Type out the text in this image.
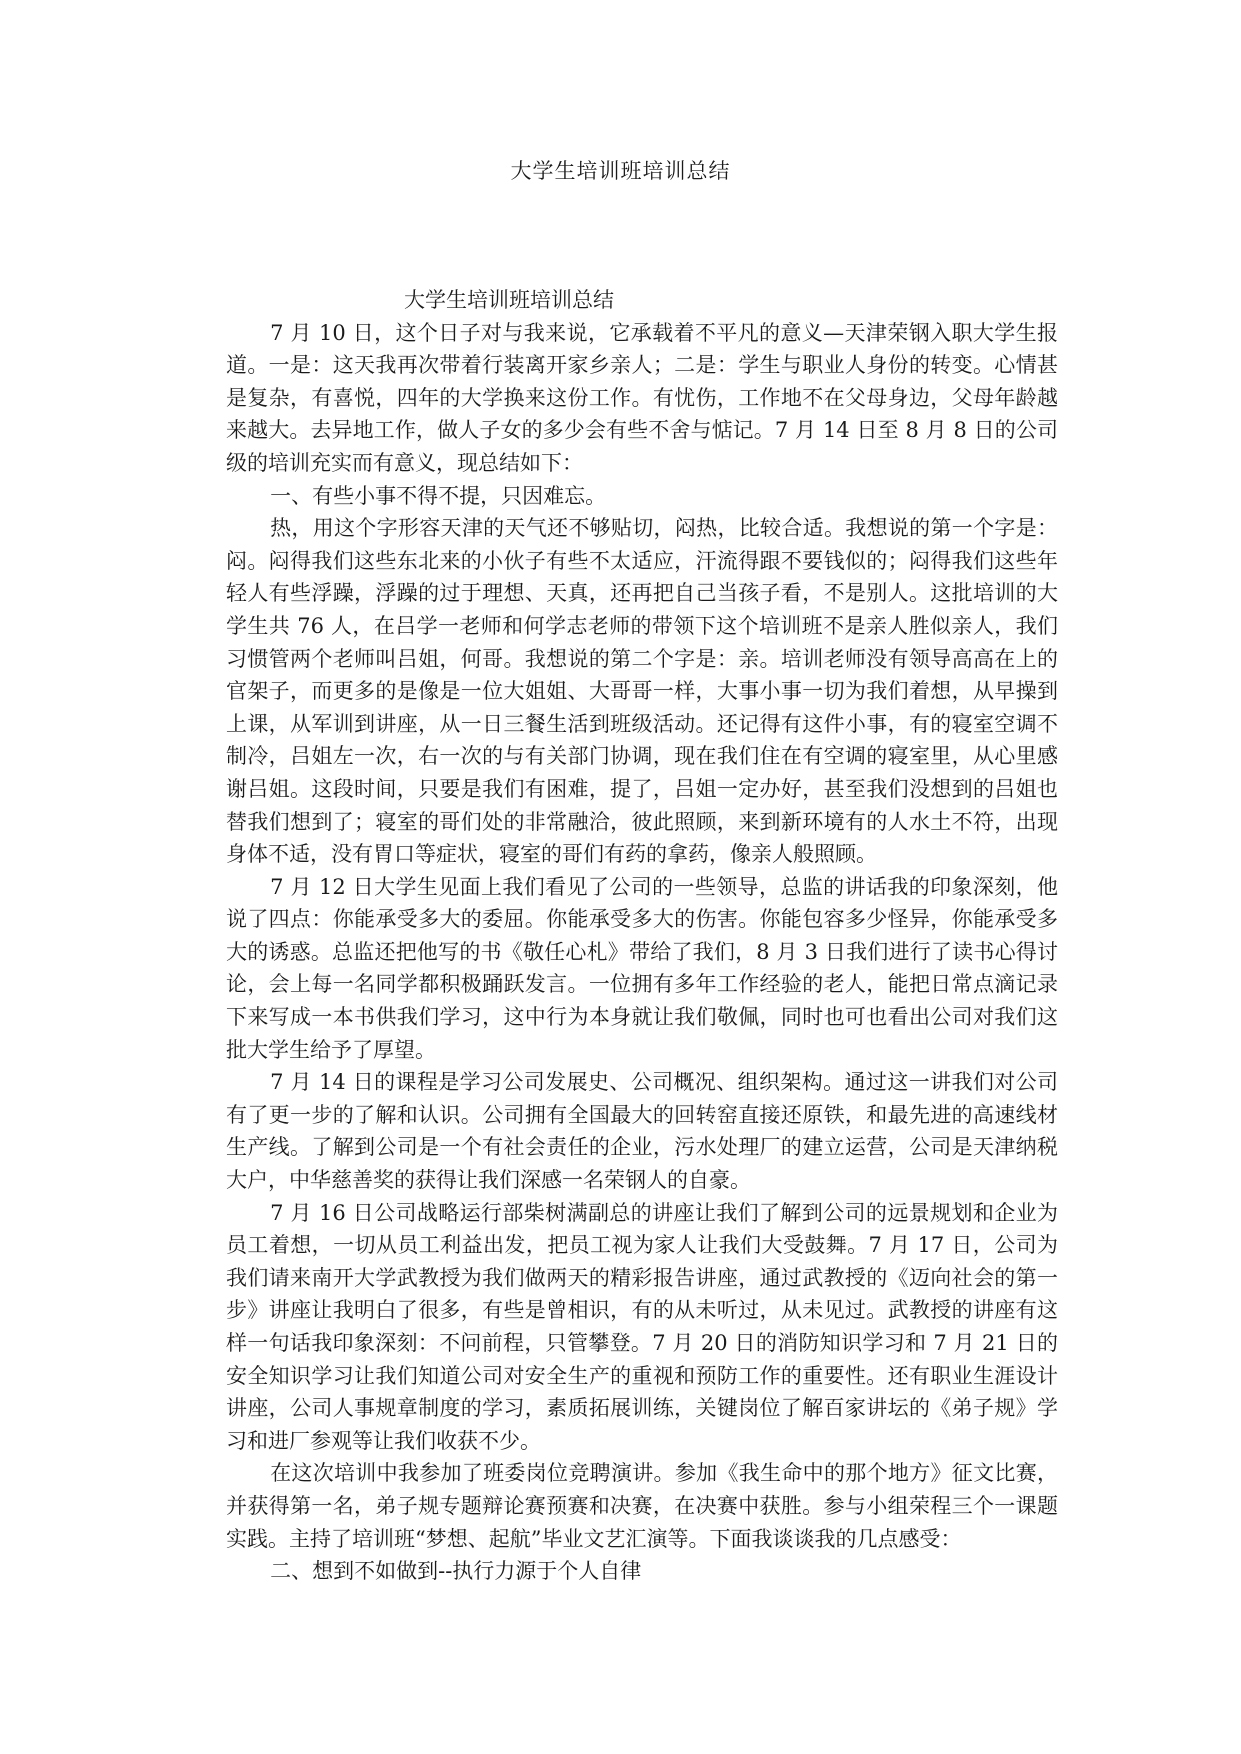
大学生培训班培训总结
大学生培训班培训总结

7 月 10 日，这个日子对与我来说，它承载着不平凡的意义—天津荣钢入职大学生报道。一是：这天我再次带着行装离开家乡亲人；二是：学生与职业人身份的转变。心情甚是复杂，有喜悦，四年的大学换来这份工作。有忧伤，工作地不在父母身边，父母年龄越来越大。去异地工作，做人子女的多少会有些不舍与惦记。7 月 14 日至 8 月 8 日的公司级的培训充实而有意义，现总结如下：

一、有些小事不得不提，只因难忘。

热，用这个字形容天津的天气还不够贴切，闷热，比较合适。我想说的第一个字是：闷。闷得我们这些东北来的小伙子有些不太适应，汗流得跟不要钱似的；闷得我们这些年轻人有些浮躁，浮躁的过于理想、天真，还再把自己当孩子看，不是别人。这批培训的大学生共 76 人，在吕学一老师和何学志老师的带领下这个培训班不是亲人胜似亲人，我们习惯管两个老师叫吕姐，何哥。我想说的第二个字是：亲。培训老师没有领导高高在上的官架子，而更多的是像是一位大姐姐、大哥哥一样，大事小事一切为我们着想，从早操到上课，从军训到讲座，从一日三餐生活到班级活动。还记得有这件小事，有的寝室空调不制冷，吕姐左一次，右一次的与有关部门协调，现在我们住在有空调的寝室里，从心里感谢吕姐。这段时间，只要是我们有困难，提了，吕姐一定办好，甚至我们没想到的吕姐也替我们想到了；寝室的哥们处的非常融洽，彼此照顾，来到新环境有的人水土不符，出现身体不适，没有胃口等症状，寝室的哥们有药的拿药，像亲人般照顾。

7 月 12 日大学生见面上我们看见了公司的一些领导，总监的讲话我的印象深刻，他说了四点：你能承受多大的委屈。你能承受多大的伤害。你能包容多少怪异，你能承受多大的诱惑。总监还把他写的书《敬任心札》带给了我们，8 月 3 日我们进行了读书心得讨论，会上每一名同学都积极踊跃发言。一位拥有多年工作经验的老人，能把日常点滴记录下来写成一本书供我们学习，这中行为本身就让我们敬佩，同时也可也看出公司对我们这批大学生给予了厚望。

7 月 14 日的课程是学习公司发展史、公司概况、组织架构。通过这一讲我们对公司有了更一步的了解和认识。公司拥有全国最大的回转窑直接还原铁，和最先进的高速线材生产线。了解到公司是一个有社会责任的企业，污水处理厂的建立运营，公司是天津纳税大户，中华慈善奖的获得让我们深感一名荣钢人的自豪。

7 月 16 日公司战略运行部柴树满副总的讲座让我们了解到公司的远景规划和企业为员工着想，一切从员工利益出发，把员工视为家人让我们大受鼓舞。7 月 17 日，公司为我们请来南开大学武教授为我们做两天的精彩报告讲座，通过武教授的《迈向社会的第一步》讲座让我明白了很多，有些是曾相识，有的从未听过，从未见过。武教授的讲座有这样一句话我印象深刻：不问前程，只管攀登。7 月 20 日的消防知识学习和 7 月 21 日的安全知识学习让我们知道公司对安全生产的重视和预防工作的重要性。还有职业生涯设计讲座，公司人事规章制度的学习，素质拓展训练，关键岗位了解百家讲坛的《弟子规》学习和进厂参观等让我们收获不少。

在这次培训中我参加了班委岗位竞聘演讲。参加《我生命中的那个地方》征文比赛，并获得第一名，弟子规专题辩论赛预赛和决赛，在决赛中获胜。参与小组荣程三个一课题实践。主持了培训班“梦想、起航”毕业文艺汇演等。下面我谈谈我的几点感受：

二、想到不如做到--执行力源于个人自律
